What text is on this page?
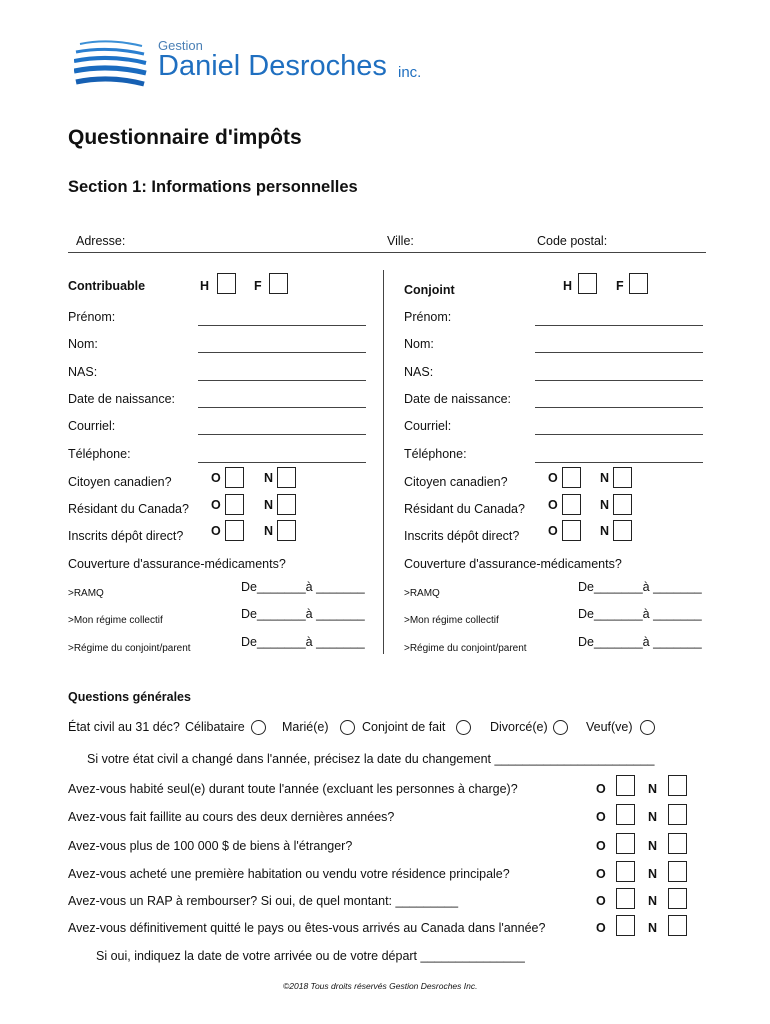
Gestion
Daniel Desroches inc.
Questionnaire d'impôts
Section 1: Informations personnelles
Adresse:	Ville:	Code postal:
Contribuable	H	F
Prénom:
Nom:
NAS:
Date de naissance:
Courriel:
Téléphone:
Citoyen canadien?	O	N
Résidant du Canada? O	N
Inscrits dépôt direct? O	N
Couverture d'assurance-médicaments?
>RAMQ	De_______à _______
>Mon régime collectif	De_______à _______
>Régime du conjoint/parent	De_______à _______
Conjoint	H	F
Prénom:
Nom:
NAS:
Date de naissance:
Courriel:
Téléphone:
Citoyen canadien?	O	N
Résidant du Canada? O	N
Inscrits dépôt direct? O	N
Couverture d'assurance-médicaments?
>RAMQ	De_______à _______
>Mon régime collectif	De_______à _______
>Régime du conjoint/parent	De_______à _______
Questions générales
État civil au 31 déc? Célibataire	Marié(e)	Conjoint de fait	Divorcé(e)	Veuf(ve)
Si votre état civil a changé dans l'année, précisez la date du changement _______________________
Avez-vous habité seul(e) durant toute l'année (excluant les personnes à charge)?	O	N
Avez-vous fait faillite au cours des deux dernières années?	O	N
Avez-vous plus de 100 000 $ de biens à l'étranger?	O	N
Avez-vous acheté une première habitation ou vendu votre résidence principale?	O	N
Avez-vous un RAP à rembourser? Si oui, de quel montant: _________	O	N
Avez-vous définitivement quitté le pays ou êtes-vous arrivés au Canada dans l'année?	O	N
Si oui, indiquez la date de votre arrivée ou de votre départ _______________
©2018 Tous droits réservés Gestion Desroches Inc.
